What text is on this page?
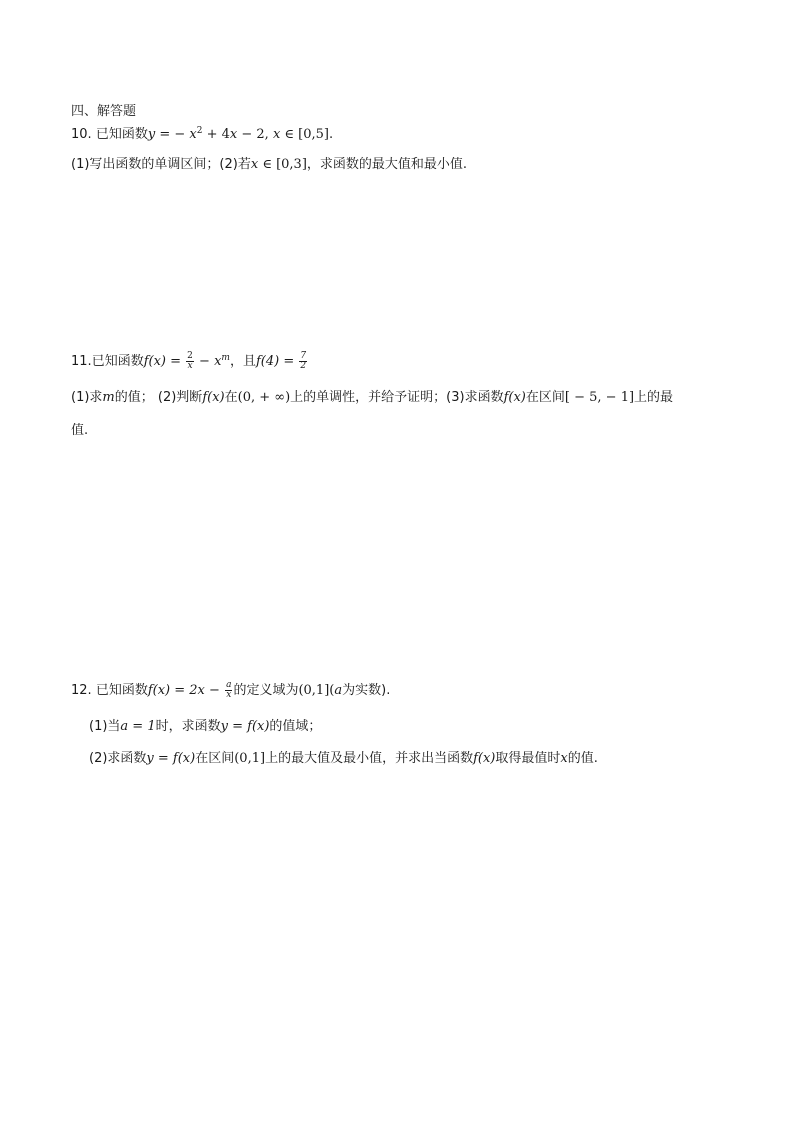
四、解答题
10. 已知函数y = − $x^2 + 4x - 2$, x ∈ [0,5].
(1)写出函数的单调区间；(2)若x ∈ [0,3]，求函数的最大值和最小值.
11.已知函数$f(x) = \frac{2}{x} - x^m$，且$f(4) = \frac{7}{2}$
(1)求m的值； (2)判断f(x)在(0, + ∞)上的单调性，并给予证明；(3)求函数f(x)在区间[ − 5, − 1]上的最
值.
12. 已知函数$f(x) = 2x - \frac{a}{x}$ 的定义域为(0,1](a为实数).
(1)当a = 1时，求函数y = f(x)的值域；
(2)求函数y = f(x)在区间(0,1]上的最大值及最小值，并求出当函数f(x)取得最值时x的值.
